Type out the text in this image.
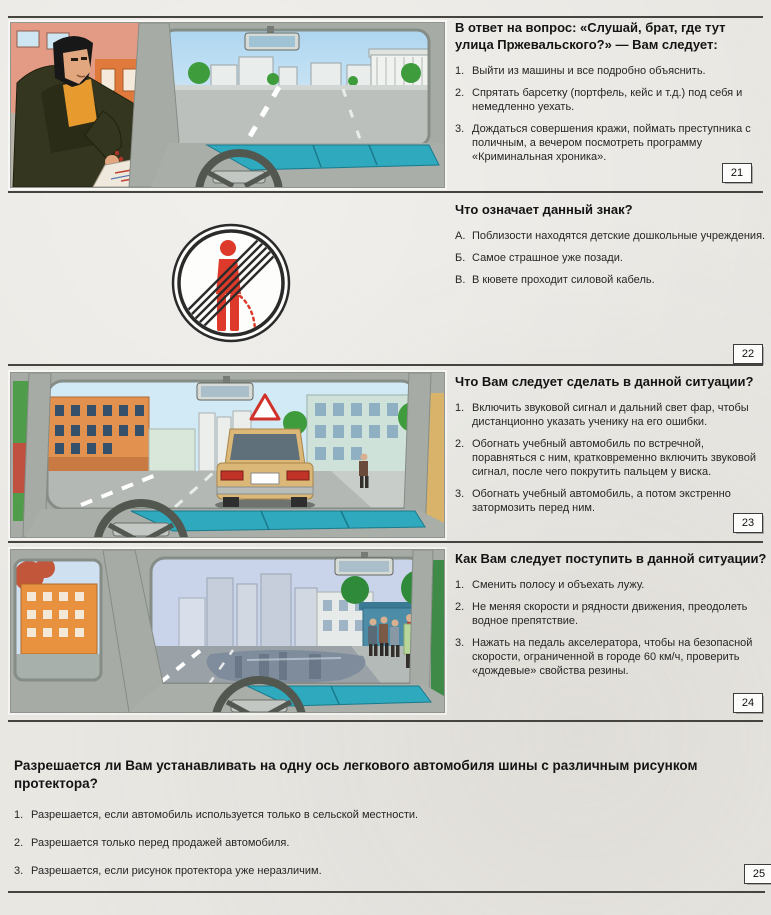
В ответ на вопрос: «Слушай, брат, где тут улица Пржевальского?» — Вам следует:
1. Выйти из машины и все подробно объяснить.
2. Спрятать барсетку (портфель, кейс и т.д.) под себя и немедленно уехать.
3. Дождаться совершения кражи, поймать преступника с поличным, а вечером посмотреть программу «Криминальная хроника».
21
Что означает данный знак?
А. Поблизости находятся детские дошкольные учреждения.
Б. Самое страшное уже позади.
В. В кювете проходит силовой кабель.
22
Что Вам следует сделать в данной ситуации?
1. Включить звуковой сигнал и дальний свет фар, чтобы дистанционно указать ученику на его ошибки.
2. Обогнать учебный автомобиль по встречной, поравняться с ним, кратковременно включить звуковой сигнал, после чего покрутить пальцем у виска.
3. Обогнать учебный автомобиль, а потом экстренно затормозить перед ним.
23
Как Вам следует поступить в данной ситуации?
1. Сменить полосу и объехать лужу.
2. Не меняя скорости и рядности движения, преодолеть водное препятствие.
3. Нажать на педаль акселератора, чтобы на безопасной скорости, ограниченной в городе 60 км/ч, проверить «дождевые» свойства резины.
24
Разрешается ли Вам устанавливать на одну ось легкового автомобиля шины с различным рисунком протектора?
1. Разрешается, если автомобиль используется только в сельской местности.
2. Разрешается только перед продажей автомобиля.
3. Разрешается, если рисунок протектора уже неразличим.	25
